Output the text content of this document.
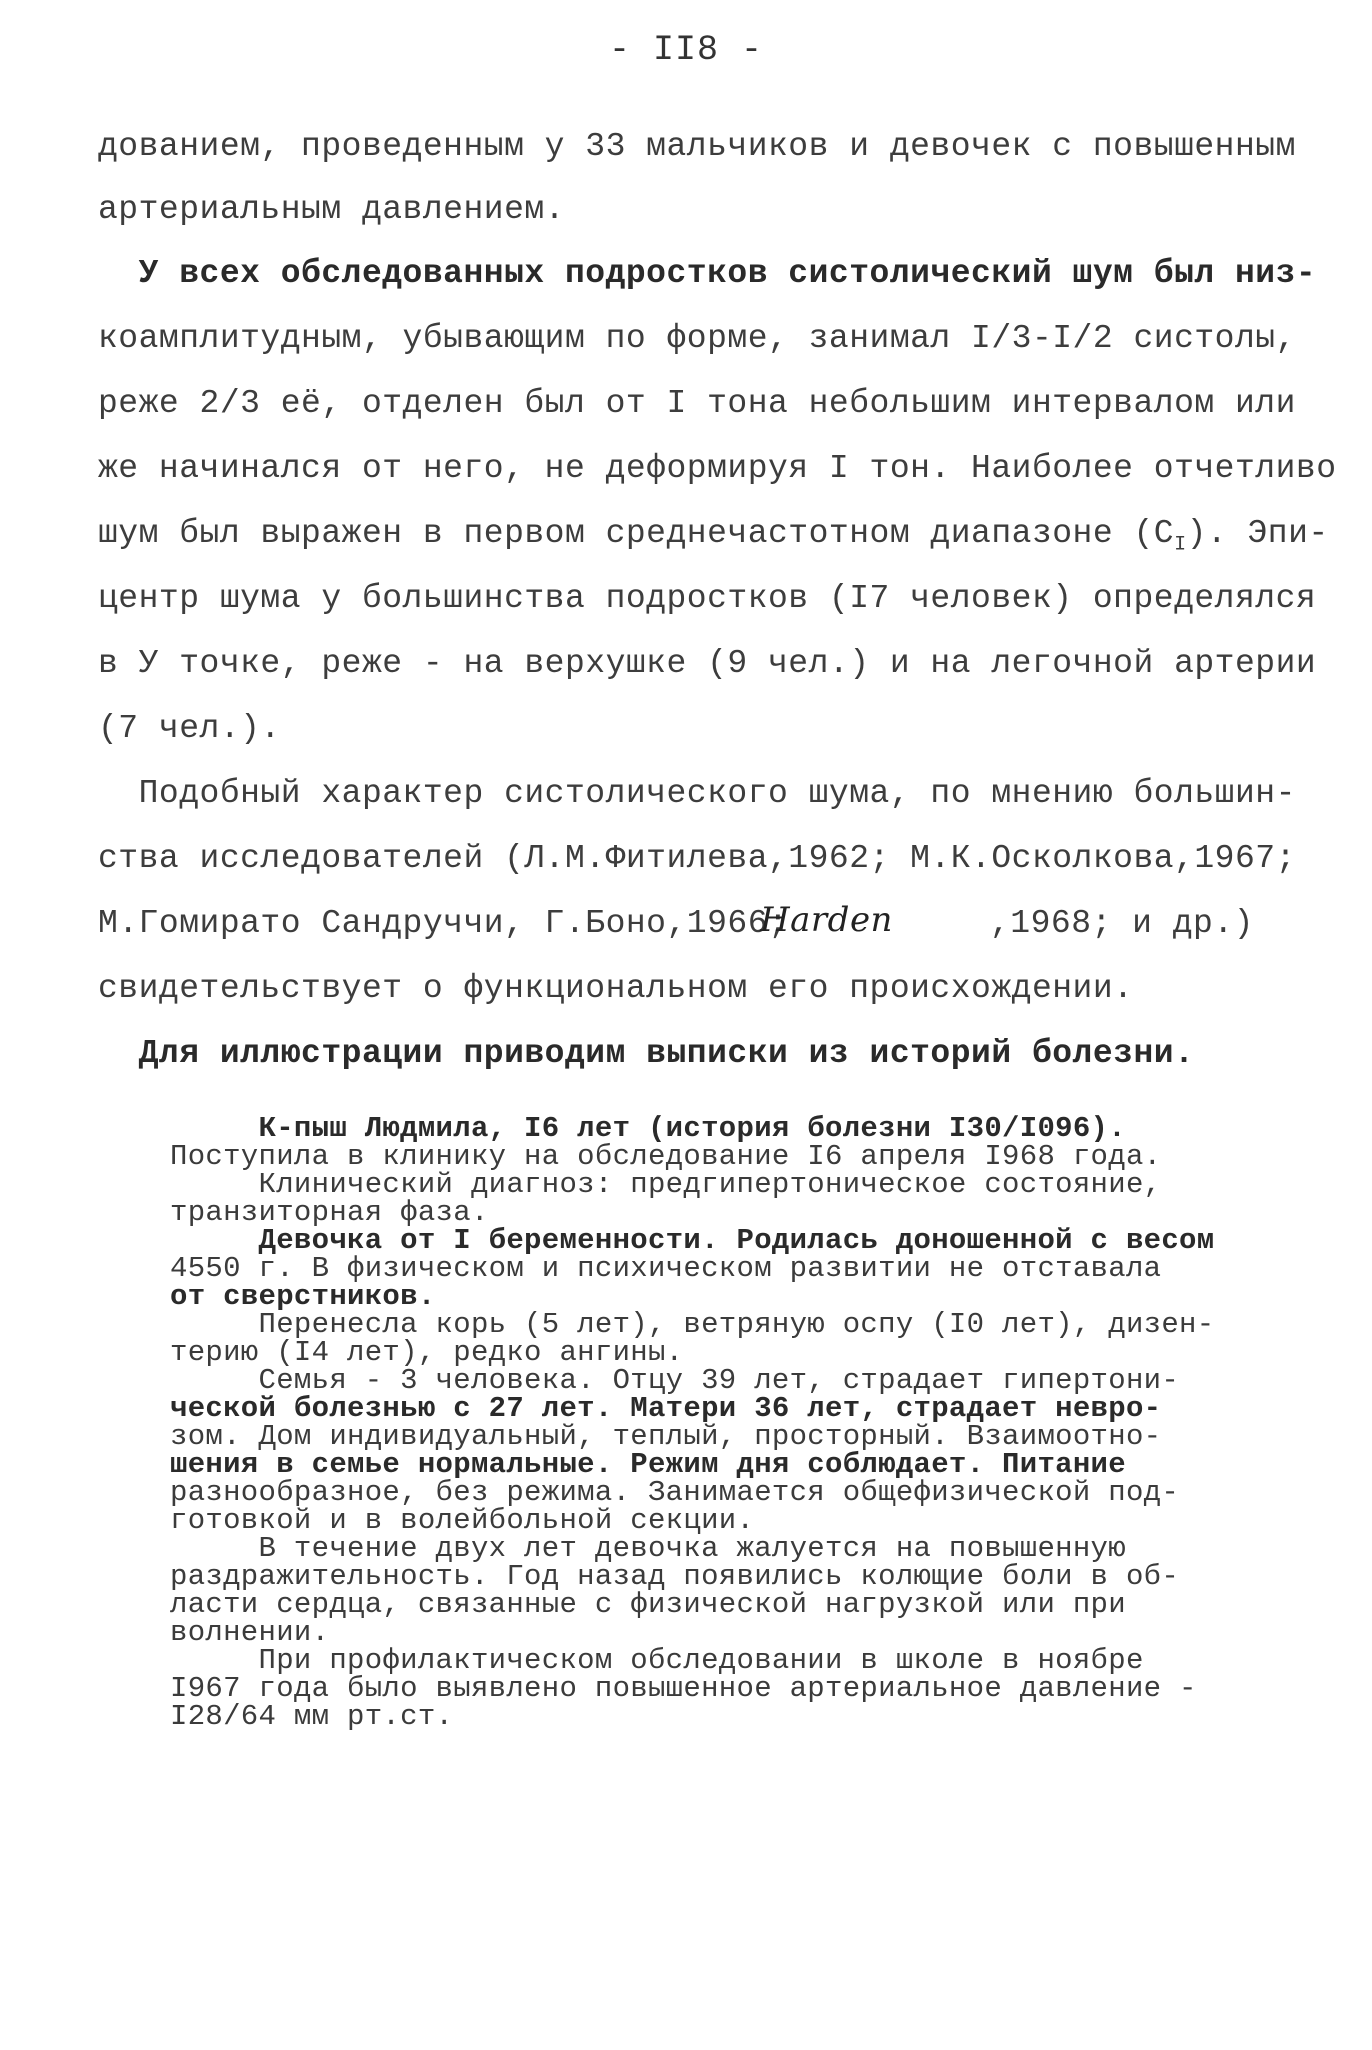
- II8 -
дованием, проведенным у 33 мальчиков и девочек с повышенным
артериальным давлением.
У всех обследованных подростков систолический шум был низ-
коамплитудным, убывающим по форме, занимал I/3-I/2 систолы,
реже 2/3 её, отделен был от I тона небольшим интервалом или
же начинался от него, не деформируя I тон. Наиболее отчетливо
шум был выражен в первом среднечастотном диапазоне $(C_I)$. Эпи-
центр шума у большинства подростков (I7 человек) определялся
в У точке, реже - на верхушке (9 чел.) и на легочной артерии
(7 чел.).
Подобный характер систолического шума, по мнению большин-
ства исследователей (Л.М.Фитилева,1962; М.К.Осколкова,1967;
М.Гомирато Сандруччи, Г.Боно,1966;
Harden	,1968; и др.)
свидетельствует о функциональном его происхождении.
Для иллюстрации приводим выписки из историй болезни.
К-пыш Людмила, I6 лет (история болезни I30/I096).
Поступила в клинику на обследование I6 апреля I968 года.
Клинический диагноз: предгипертоническое состояние,
транзиторная фаза.
Девочка от I беременности. Родилась доношенной с весом
4550 г. В физическом и психическом развитии не отставала
от сверстников.
Перенесла корь (5 лет), ветряную оспу (I0 лет), дизен-
терию (I4 лет), редко ангины.
Семья - 3 человека. Отцу 39 лет, страдает гипертони-
ческой болезнью с 27 лет. Матери 36 лет, страдает невро-
зом. Дом индивидуальный, теплый, просторный. Взаимоотно-
шения в семье нормальные. Режим дня соблюдает. Питание
разнообразное, без режима. Занимается общефизической под-
готовкой и в волейбольной секции.
В течение двух лет девочка жалуется на повышенную
раздражительность. Год назад появились колющие боли в об-
ласти сердца, связанные с физической нагрузкой или при
волнении.
При профилактическом обследовании в школе в ноябре
I967 года было выявлено повышенное артериальное давление -
I28/64 мм рт.ст.
